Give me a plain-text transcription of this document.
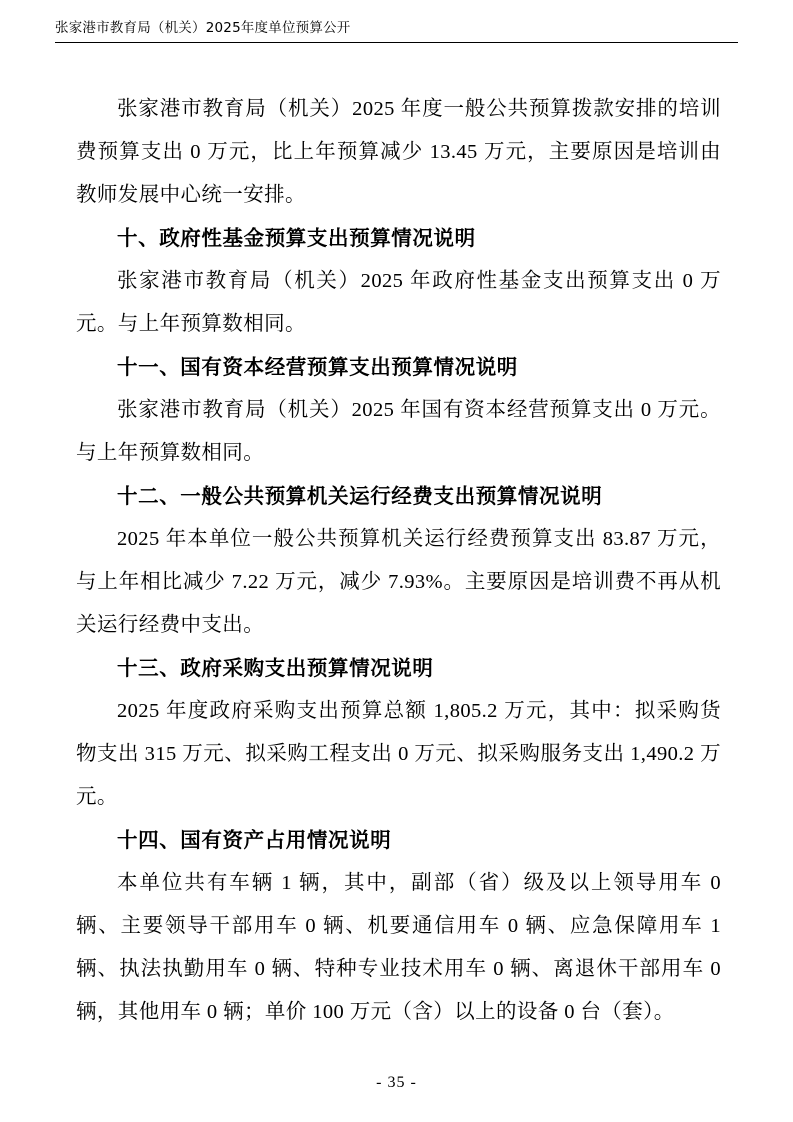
张家港市教育局（机关）2025年度单位预算公开

张家港市教育局（机关）2025 年度一般公共预算拨款安排的培训费预算支出 0 万元，比上年预算减少 13.45 万元，主要原因是培训由教师发展中心统一安排。

十、政府性基金预算支出预算情况说明

张家港市教育局（机关）2025 年政府性基金支出预算支出 0 万元。与上年预算数相同。

十一、国有资本经营预算支出预算情况说明

张家港市教育局（机关）2025 年国有资本经营预算支出 0 万元。与上年预算数相同。

十二、一般公共预算机关运行经费支出预算情况说明

2025 年本单位一般公共预算机关运行经费预算支出 83.87 万元，与上年相比减少 7.22 万元，减少 7.93%。主要原因是培训费不再从机关运行经费中支出。

十三、政府采购支出预算情况说明

2025 年度政府采购支出预算总额 1,805.2 万元，其中：拟采购货物支出 315 万元、拟采购工程支出 0 万元、拟采购服务支出 1,490.2 万元。

十四、国有资产占用情况说明

本单位共有车辆 1 辆，其中，副部（省）级及以上领导用车 0 辆、主要领导干部用车 0 辆、机要通信用车 0 辆、应急保障用车 1 辆、执法执勤用车 0 辆、特种专业技术用车 0 辆、离退休干部用车 0 辆，其他用车 0 辆；单价 100 万元（含）以上的设备 0 台（套）。

- 35 -
